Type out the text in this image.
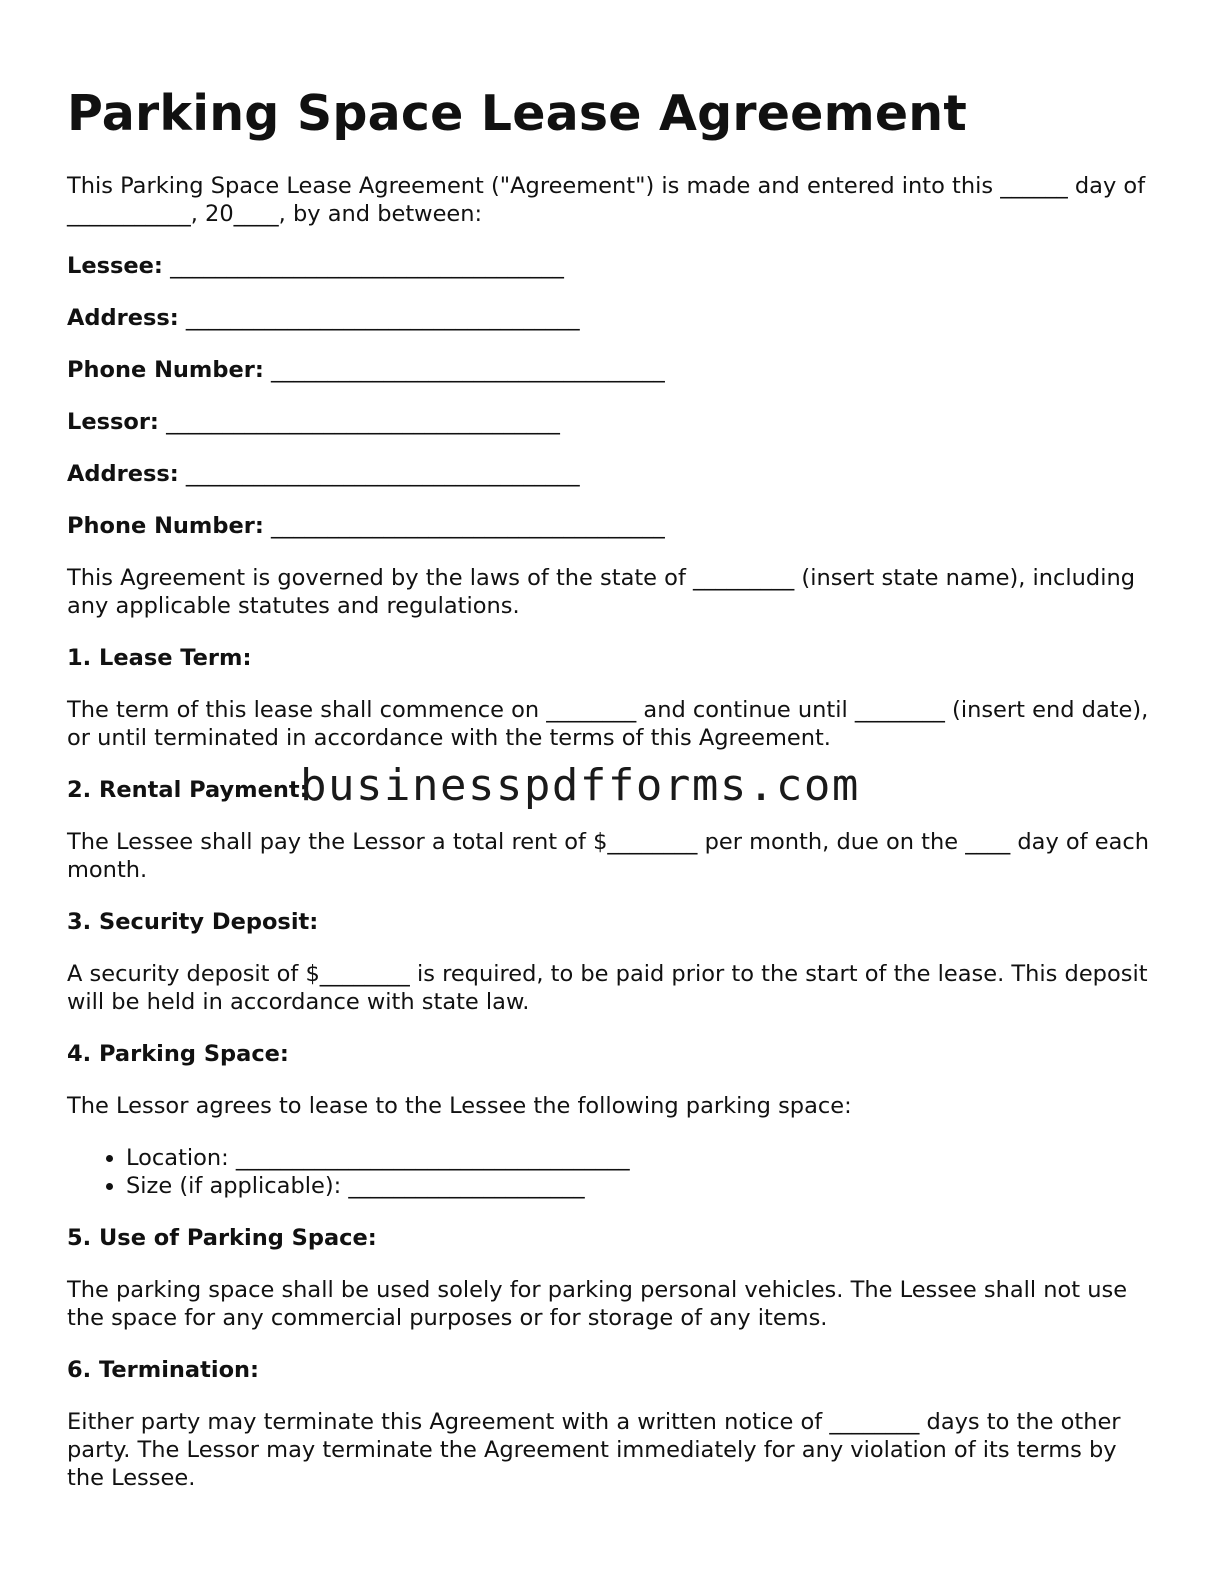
Parking Space Lease Agreement

This Parking Space Lease Agreement ("Agreement") is made and entered into this ______ day of ___________, 20____, by and between:

Lessee: ___________________________________
Address: ___________________________________
Phone Number: ___________________________________
Lessor: ___________________________________
Address: ___________________________________
Phone Number: ___________________________________

This Agreement is governed by the laws of the state of _________ (insert state name), including any applicable statutes and regulations.

1. Lease Term:

The term of this lease shall commence on ________ and continue until ________ (insert end date), or until terminated in accordance with the terms of this Agreement.

2. Rental Payment:

The Lessee shall pay the Lessor a total rent of $________ per month, due on the ____ day of each month.

3. Security Deposit:

A security deposit of $________ is required, to be paid prior to the start of the lease. This deposit will be held in accordance with state law.

4. Parking Space:

The Lessor agrees to lease to the Lessee the following parking space:

• Location: ___________________________________
• Size (if applicable): _____________________
5. Use of Parking Space:

The parking space shall be used solely for parking personal vehicles. The Lessee shall not use the space for any commercial purposes or for storage of any items.

6. Termination:

Either party may terminate this Agreement with a written notice of ________ days to the other party. The Lessor may terminate the Agreement immediately for any violation of its terms by the Lessee.

businesspdfforms.com
